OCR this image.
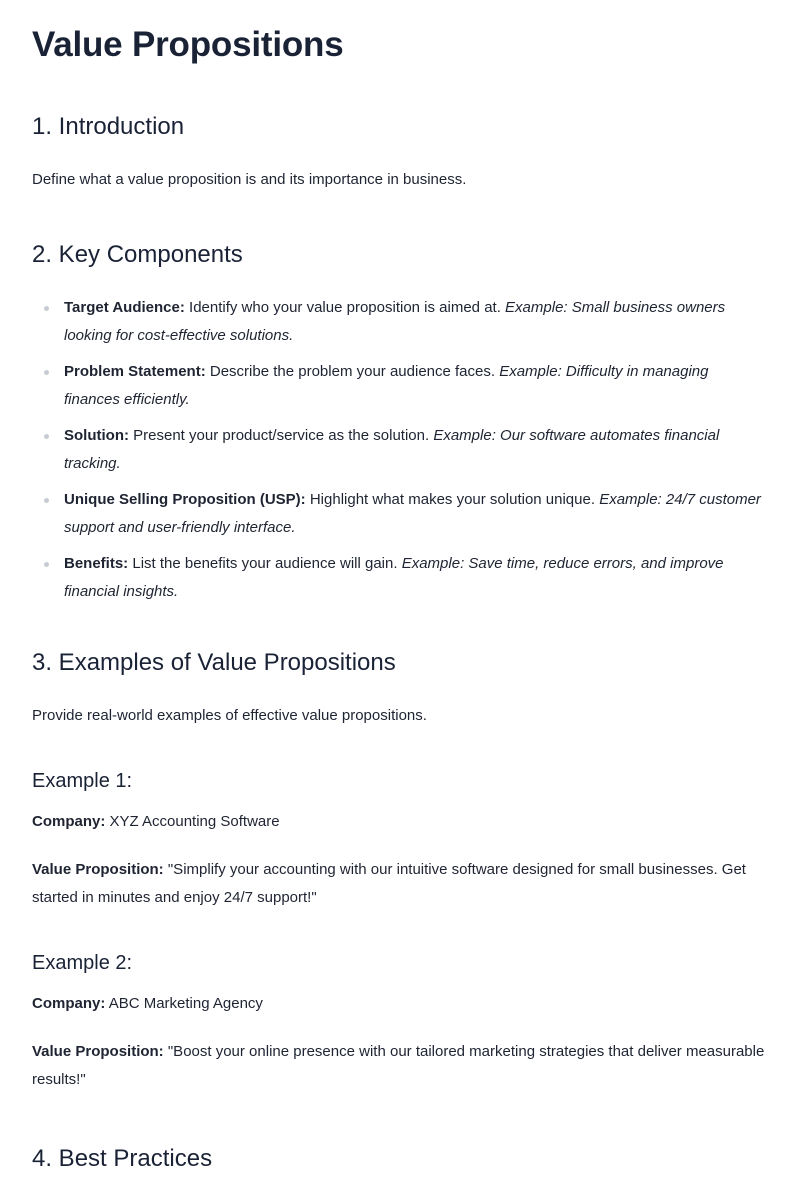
Value Propositions
1. Introduction

Define what a value proposition is and its importance in business.

2. Key Components
Target Audience: Identify who your value proposition is aimed at. Example: Small business owners looking for cost-effective solutions.
Problem Statement: Describe the problem your audience faces. Example: Difficulty in managing finances efficiently.
Solution: Present your product/service as the solution. Example: Our software automates financial tracking.
Unique Selling Proposition (USP): Highlight what makes your solution unique. Example: 24/7 customer support and user-friendly interface.
Benefits: List the benefits your audience will gain. Example: Save time, reduce errors, and improve financial insights.
3. Examples of Value Propositions

Provide real-world examples of effective value propositions.

Example 1:

Company: XYZ Accounting Software

Value Proposition: "Simplify your accounting with our intuitive software designed for small businesses. Get started in minutes and enjoy 24/7 support!"

Example 2:

Company: ABC Marketing Agency

Value Proposition: "Boost your online presence with our tailored marketing strategies that deliver measurable results!"

4. Best Practices
